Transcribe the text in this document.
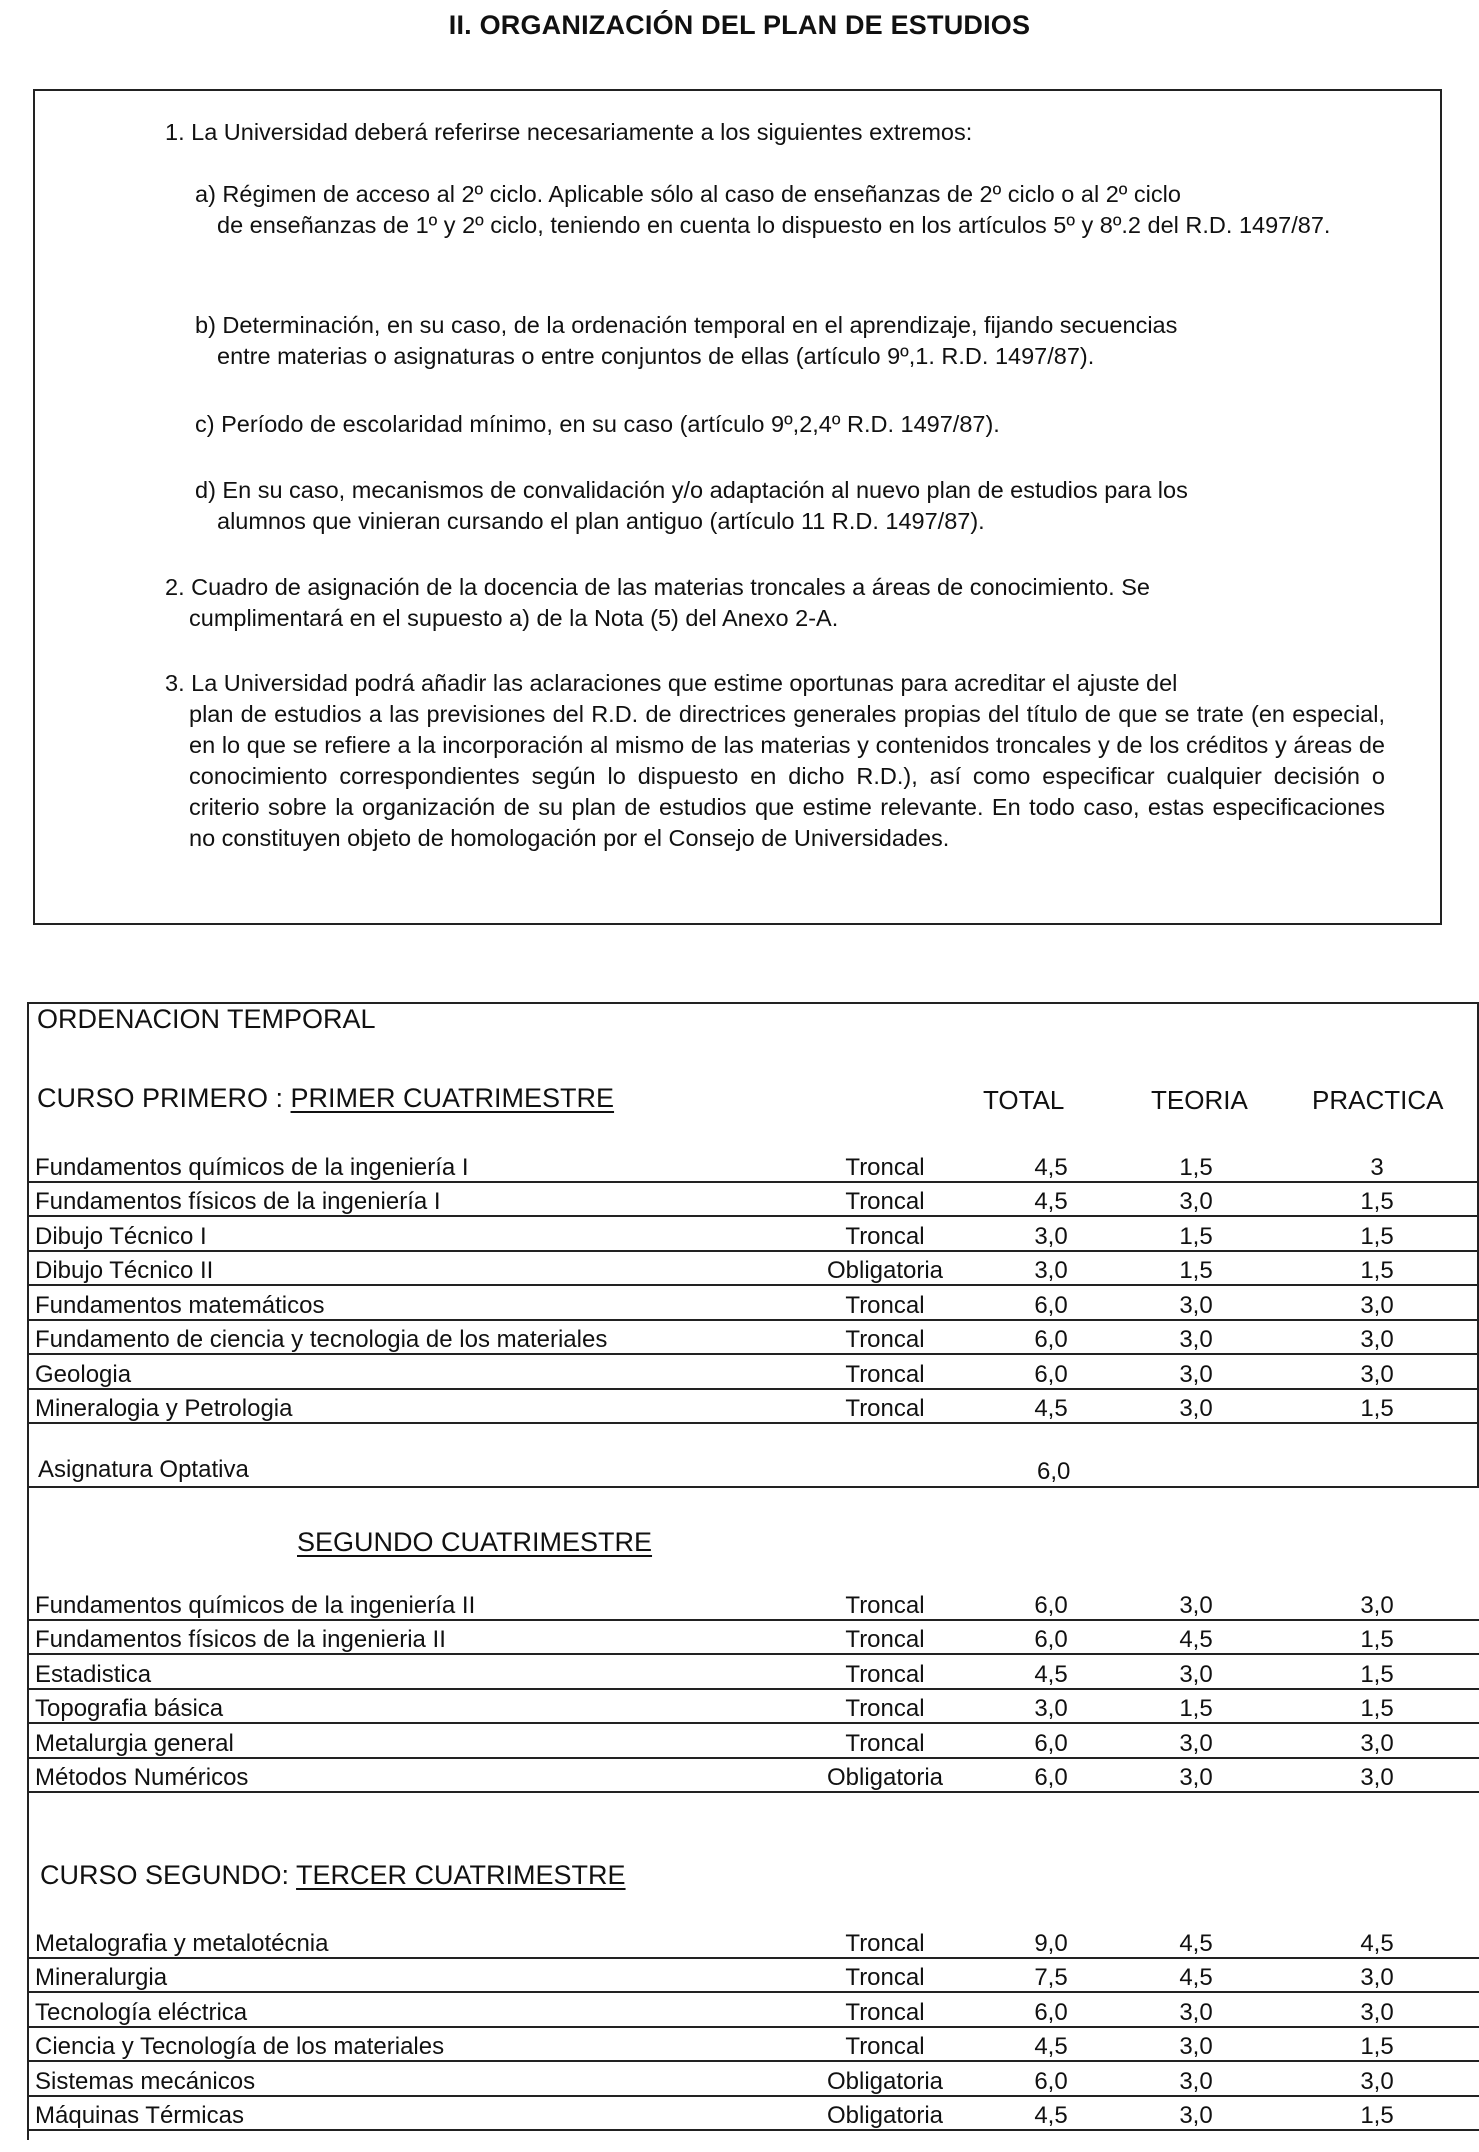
II. ORGANIZACIÓN DEL PLAN DE ESTUDIOS

1. La Universidad deberá referirse necesariamente a los siguientes extremos:

a) Régimen de acceso al 2º ciclo. Aplicable sólo al caso de enseñanzas de 2º ciclo o al 2º ciclo
de enseñanzas de 1º y 2º ciclo, teniendo en cuenta lo dispuesto en los artículos 5º y 8º.2 del R.D. 1497/87.

b) Determinación, en su caso, de la ordenación temporal en el aprendizaje, fijando secuencias
entre materias o asignaturas o entre conjuntos de ellas (artículo 9º,1. R.D. 1497/87).

c) Período de escolaridad mínimo, en su caso (artículo 9º,2,4º R.D. 1497/87).

d) En su caso, mecanismos de convalidación y/o adaptación al nuevo plan de estudios para los
alumnos que vinieran cursando el plan antiguo (artículo 11 R.D. 1497/87).

2. Cuadro de asignación de la docencia de las materias troncales a áreas de conocimiento. Se
cumplimentará en el supuesto a) de la Nota (5) del Anexo 2-A.

3. La Universidad podrá añadir las aclaraciones que estime oportunas para acreditar el ajuste del
plan de estudios a las previsiones del R.D. de directrices generales propias del título de que se trate (en especial, en lo que se refiere a la incorporación al mismo de las materias y contenidos troncales y de los créditos y áreas de conocimiento correspondientes según lo dispuesto en dicho R.D.), así como especificar cualquier decisión o criterio sobre la organización de su plan de estudios que estime relevante. En todo caso, estas especificaciones no constituyen objeto de homologación por el Consejo de Universidades.

ORDENACION TEMPORAL
CURSO PRIMERO : PRIMER CUATRIMESTRE	TOTAL	TEORIA PRACTICA
Fundamentos químicos de la ingeniería I	Troncal	4,5	1,5	3
Fundamentos físicos de la ingeniería I	Troncal	4,5	3,0	1,5
Dibujo Técnico I	Troncal	3,0	1,5	1,5
Dibujo Técnico II	Obligatoria	3,0	1,5	1,5
Fundamentos matemáticos	Troncal	6,0	3,0	3,0
Fundamento de ciencia y tecnologia de los materiales	Troncal	6,0	3,0	3,0
Geologia	Troncal	6,0	3,0	3,0
Mineralogia y Petrologia	Troncal	4,5	3,0	1,5
Asignatura Optativa	6,0
SEGUNDO CUATRIMESTRE
Fundamentos químicos de la ingeniería II	Troncal	6,0	3,0	3,0
Fundamentos físicos de la ingenieria II	Troncal	6,0	4,5	1,5
Estadistica	Troncal	4,5	3,0	1,5
Topografia básica	Troncal	3,0	1,5	1,5
Metalurgia general	Troncal	6,0	3,0	3,0
Métodos Numéricos	Obligatoria	6,0	3,0	3,0
CURSO SEGUNDO: TERCER CUATRIMESTRE
Metalografia y metalotécnia	Troncal	9,0	4,5	4,5
Mineralurgia	Troncal	7,5	4,5	3,0
Tecnología eléctrica	Troncal	6,0	3,0	3,0
Ciencia y Tecnología de los materiales	Troncal	4,5	3,0	1,5
Sistemas mecánicos	Obligatoria	6,0	3,0	3,0
Máquinas Térmicas	Obligatoria	4,5	3,0	1,5
